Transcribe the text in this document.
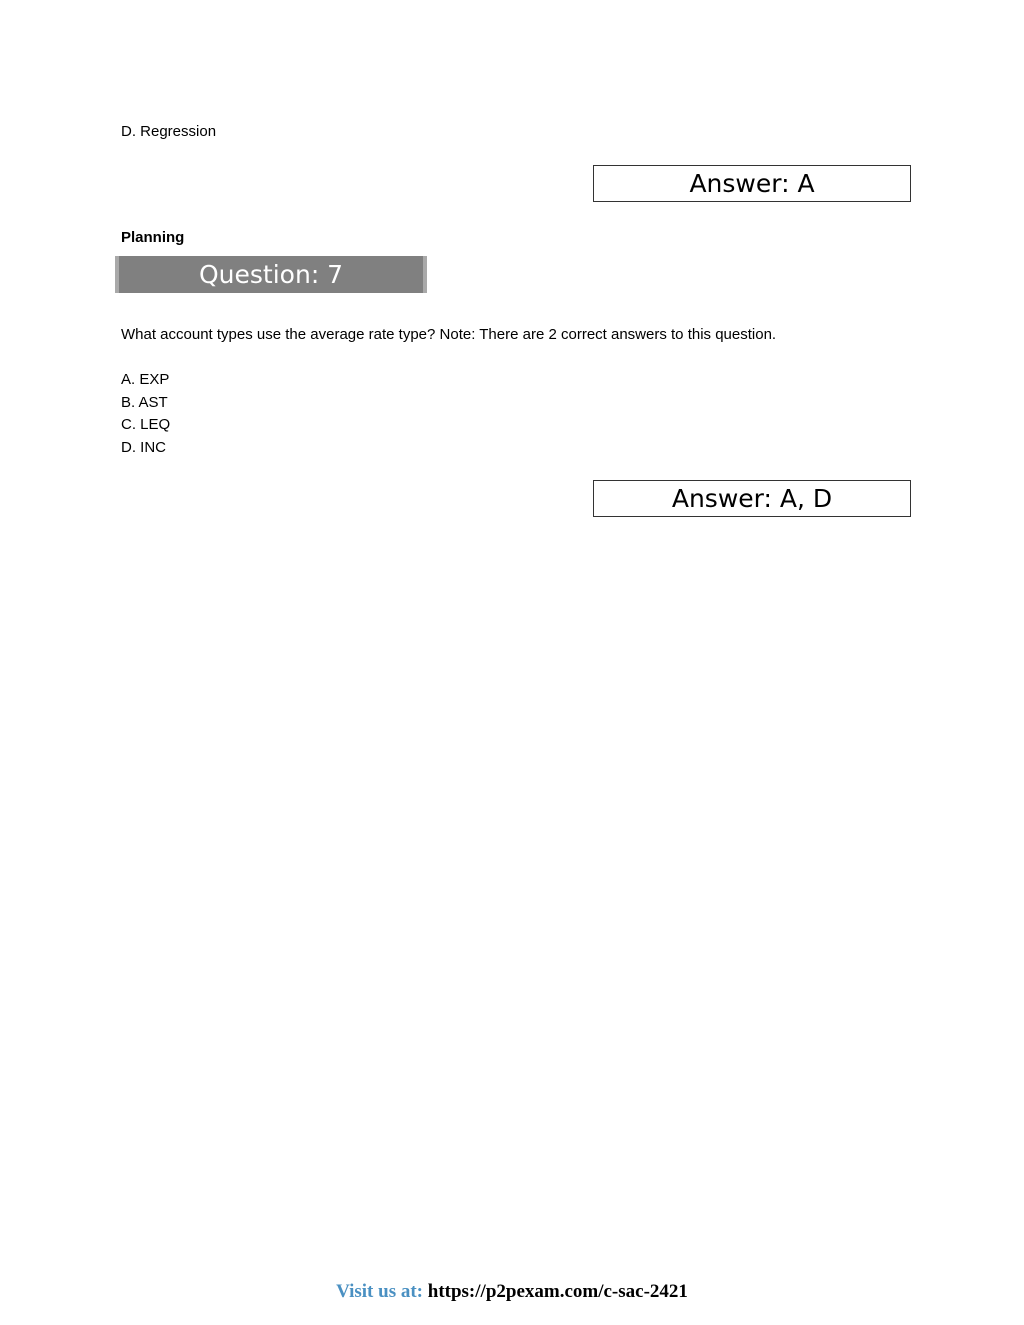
D. Regression
Answer: A
Planning
Question: 7
What account types use the average rate type? Note: There are 2 correct answers to this question.
A. EXP
B. AST
C. LEQ
D. INC
Answer: A, D
Visit us at: https://p2pexam.com/c-sac-2421
